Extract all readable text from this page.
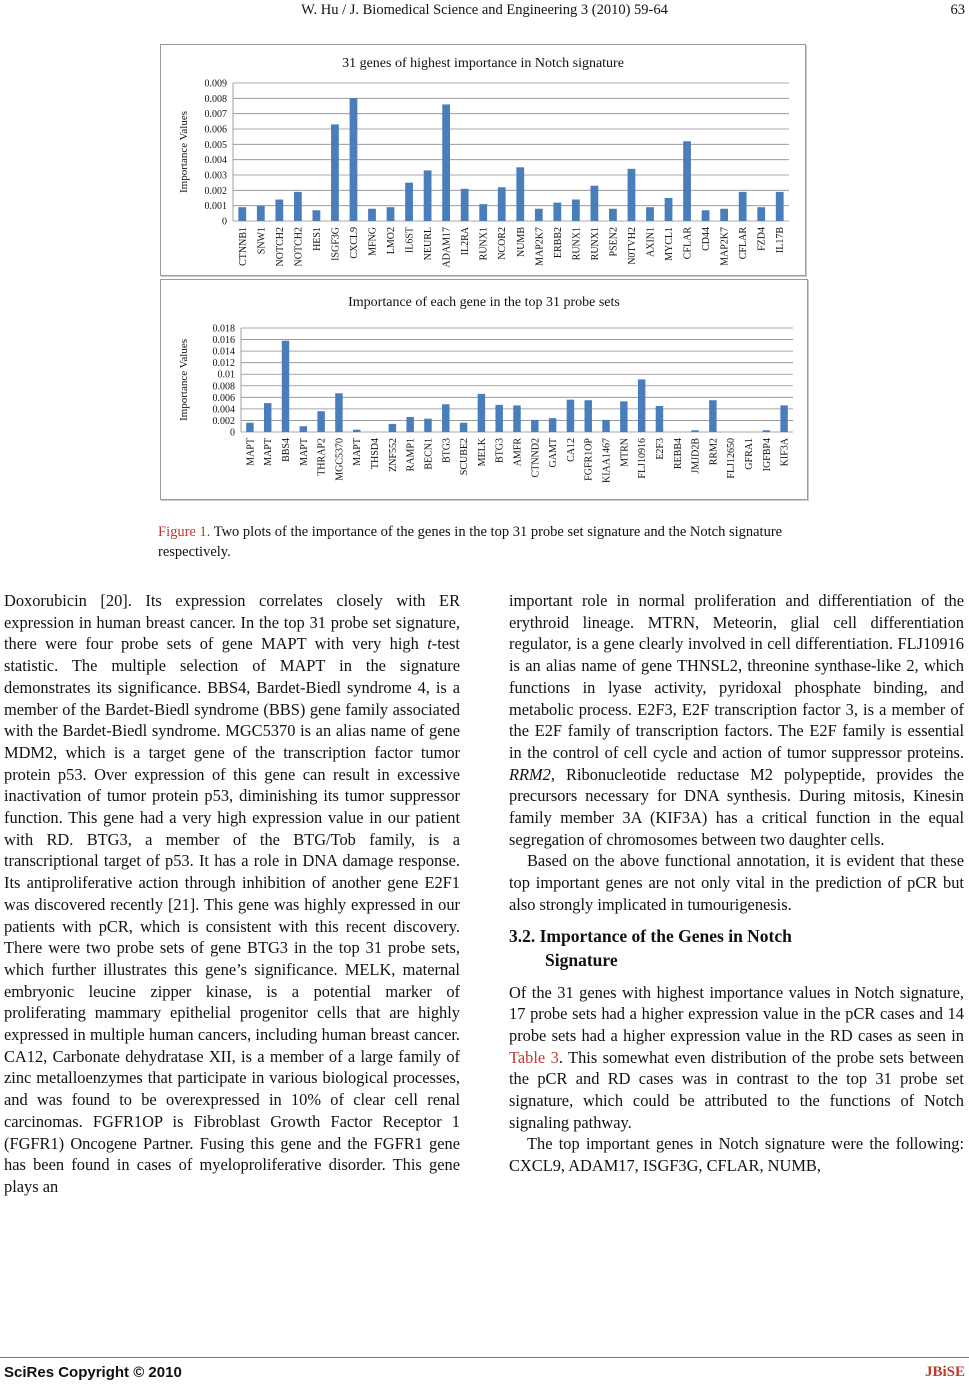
W. Hu / J. Biomedical Science and Engineering 3 (2010) 59-64	63
31 genes of highest importance in Notch signature
Importance Values
0
0.001
0.002
0.003
0.004
0.005
0.006
0.007
0.008
0.009
CTNNB1 SNW1 NOTCH2 NOTCH2 HES1 ISGF3G CXCL9 MFNG LMO2 IL6ST NEURL ADAM17 IL2RA RUNX1 NCOR2 NUMB MAP2K7 ERBB2 RUNX1 RUNX1 PSEN2 N0TVH2 AXIN1 MYCL1 CFLAR CD44 MAP2K7 CFLAR FZD4 IL17B
Importance of each gene in the top 31 probe sets
Importance Values
0
0.002
0.004
0.006
0.008
0.01
0.012
0.014
0.016
0.018
MAPT MAPT BBS4 MAPT THRAP2 MGC5370 MAPT THSD4 ZNF552 RAMP1 BECN1 BTG3 SCUBE2 MELK BTG3 AMFR CTNND2 GAMT CA12 FGFR1OP KIAA1467 MTRN FLJ10916 E2F3 REBB4 JMJD2B RRM2 FLJ12650 GFRA1 IGFBP4 KIF3A
Figure 1. Two plots of the importance of the genes in the top 31 probe set signature and the Notch signature respectively.

Doxorubicin [20]. Its expression correlates closely with ER expression in human breast cancer. In the top 31 probe set signature, there were four probe sets of gene MAPT with very high t-test statistic. The multiple selection of MAPT in the signature demonstrates its significance. BBS4, Bardet-Biedl syndrome 4, is a member of the Bardet-Biedl syndrome (BBS) gene family associated with the Bardet-Biedl syndrome. MGC5370 is an alias name of gene MDM2, which is a target gene of the transcription factor tumor protein p53. Over expression of this gene can result in excessive inactivation of tumor protein p53, diminishing its tumor suppressor function. This gene had a very high expression value in our patient with RD. BTG3, a member of the BTG/Tob family, is a transcriptional target of p53. It has a role in DNA damage response. Its antiproliferative action through inhibition of another gene E2F1 was discovered recently [21]. This gene was highly expressed in our patients with pCR, which is consistent with this recent discovery. There were two probe sets of gene BTG3 in the top 31 probe sets, which further illustrates this gene’s significance. MELK, maternal embryonic leucine zipper kinase, is a potential marker of proliferating mammary epithelial progenitor cells that are highly expressed in multiple human cancers, including human breast cancer. CA12, Carbonate dehydratase XII, is a member of a large family of zinc metalloenzymes that participate in various biological processes, and was found to be overexpressed in 10% of clear cell renal carcinomas. FGFR1OP is Fibroblast Growth Factor Receptor 1 (FGFR1) Oncogene Partner. Fusing this gene and the FGFR1 gene has been found in cases of myeloproliferative disorder. This gene plays an

important role in normal proliferation and differentiation of the erythroid lineage. MTRN, Meteorin, glial cell differentiation regulator, is a gene clearly involved in cell differentiation. FLJ10916 is an alias name of gene THNSL2, threonine synthase-like 2, which functions in lyase activity, pyridoxal phosphate binding, and metabolic process. E2F3, E2F transcription factor 3, is a member of the E2F family of transcription factors. The E2F family is essential in the control of cell cycle and action of tumor suppressor proteins. RRM2, Ribonucleotide reductase M2 polypeptide, provides the precursors necessary for DNA synthesis. During mitosis, Kinesin family member 3A (KIF3A) has a critical function in the equal segregation of chromosomes between two daughter cells.

Based on the above functional annotation, it is evident that these top important genes are not only vital in the prediction of pCR but also strongly implicated in tumourigenesis.

3.2. Importance of the Genes in Notch
Signature

Of the 31 genes with highest importance values in Notch signature, 17 probe sets had a higher expression value in the pCR cases and 14 probe sets had a higher expression value in the RD cases as seen in Table 3. This somewhat even distribution of the probe sets between the pCR and RD cases was in contrast to the top 31 probe set signature, which could be attributed to the functions of Notch signaling pathway.

The top important genes in Notch signature were the following: CXCL9, ADAM17, ISGF3G, CFLAR, NUMB,

SciRes Copyright © 2010	JBiSE
